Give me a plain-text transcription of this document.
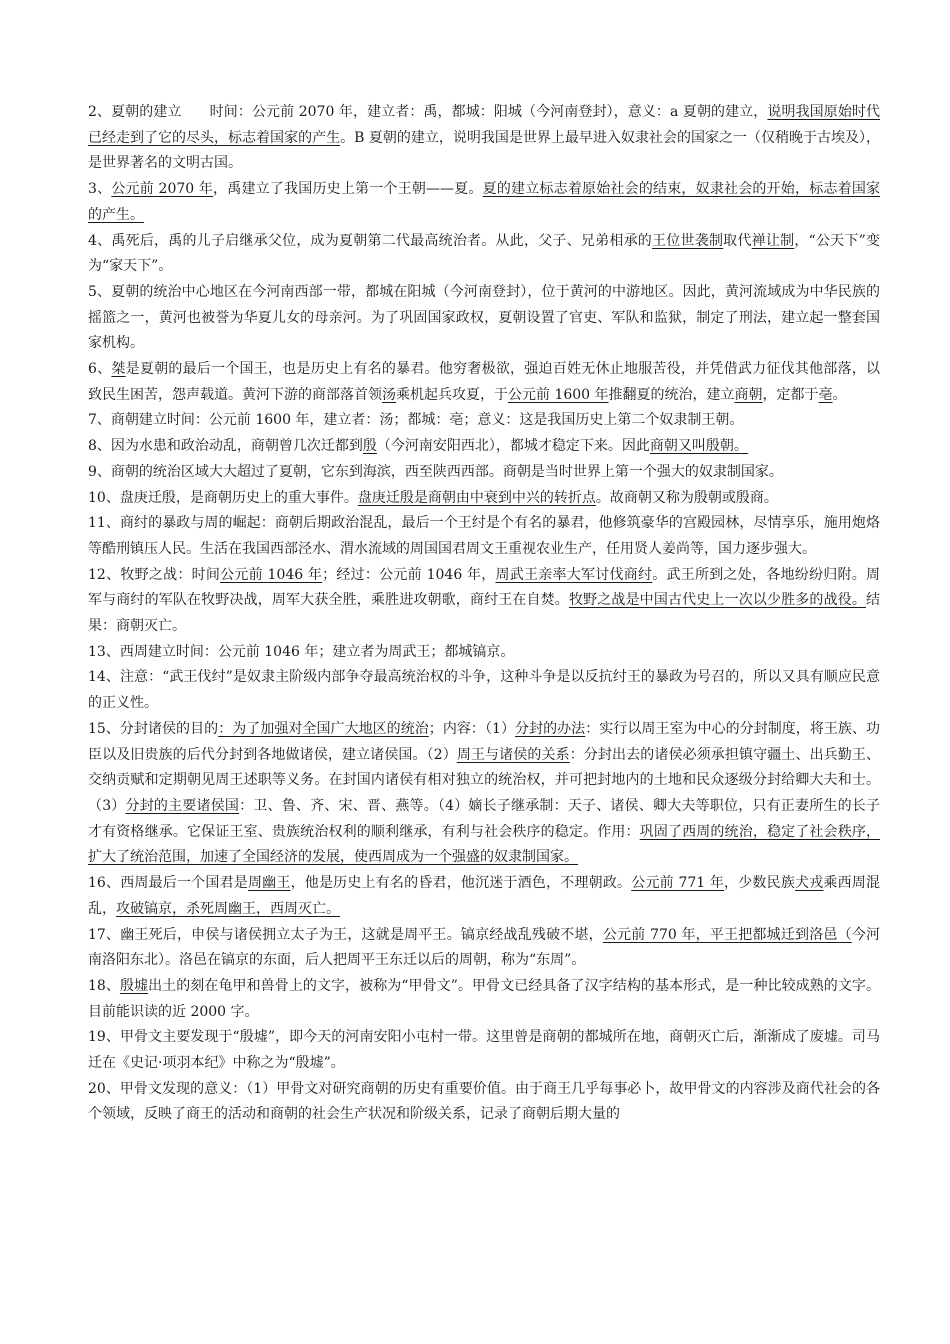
2、夏朝的建立　　时间：公元前 2070 年，建立者：禹，都城：阳城（今河南登封），意义：a 夏朝的建立，说明我国原始时代已经走到了它的尽头，标志着国家的产生。B 夏朝的建立，说明我国是世界上最早进入奴隶社会的国家之一（仅稍晚于古埃及），是世界著名的文明古国。

3、公元前 2070 年，禹建立了我国历史上第一个王朝——夏。夏的建立标志着原始社会的结束，奴隶社会的开始，标志着国家的产生。

4、禹死后，禹的儿子启继承父位，成为夏朝第二代最高统治者。从此，父子、兄弟相承的王位世袭制取代禅让制，“公天下”变为“家天下”。

5、夏朝的统治中心地区在今河南西部一带，都城在阳城（今河南登封），位于黄河的中游地区。因此，黄河流域成为中华民族的摇篮之一，黄河也被誉为华夏儿女的母亲河。为了巩固国家政权，夏朝设置了官吏、军队和监狱，制定了刑法，建立起一整套国家机构。

6、桀是夏朝的最后一个国王，也是历史上有名的暴君。他穷奢极欲，强迫百姓无休止地服苦役，并凭借武力征伐其他部落，以致民生困苦，怨声载道。黄河下游的商部落首领汤乘机起兵攻夏，于公元前 1600 年推翻夏的统治，建立商朝，定都于亳。

7、商朝建立时间：公元前 1600 年，建立者：汤；都城：亳；意义：这是我国历史上第二个奴隶制王朝。

8、因为水患和政治动乱，商朝曾几次迁都到殷（今河南安阳西北），都城才稳定下来。因此商朝又叫殷朝。

9、商朝的统治区域大大超过了夏朝，它东到海滨，西至陕西西部。商朝是当时世界上第一个强大的奴隶制国家。

10、盘庚迁殷，是商朝历史上的重大事件。盘庚迁殷是商朝由中衰到中兴的转折点。故商朝又称为殷朝或殷商。

11、商纣的暴政与周的崛起：商朝后期政治混乱，最后一个王纣是个有名的暴君，他修筑豪华的宫殿园林，尽情享乐，施用炮烙等酷刑镇压人民。生活在我国西部泾水、渭水流域的周国国君周文王重视农业生产，任用贤人姜尚等，国力逐步强大。

12、牧野之战：时间公元前 1046 年；经过：公元前 1046 年，周武王亲率大军讨伐商纣。武王所到之处，各地纷纷归附。周军与商纣的军队在牧野决战，周军大获全胜，乘胜进攻朝歌，商纣王在自焚。牧野之战是中国古代史上一次以少胜多的战役。结果：商朝灭亡。

13、西周建立时间：公元前 1046 年；建立者为周武王；都城镐京。

14、注意：“武王伐纣”是奴隶主阶级内部争夺最高统治权的斗争，这种斗争是以反抗纣王的暴政为号召的，所以又具有顺应民意的正义性。

15、分封诸侯的目的：为了加强对全国广大地区的统治；内容：（1）分封的办法：实行以周王室为中心的分封制度，将王族、功臣以及旧贵族的后代分封到各地做诸侯，建立诸侯国。（2）周王与诸侯的关系：分封出去的诸侯必须承担镇守疆土、出兵勤王、交纳贡赋和定期朝见周王述职等义务。在封国内诸侯有相对独立的统治权，并可把封地内的土地和民众逐级分封给卿大夫和士。（3）分封的主要诸侯国：卫、鲁、齐、宋、晋、燕等。（4）嫡长子继承制：天子、诸侯、卿大夫等职位，只有正妻所生的长子才有资格继承。它保证王室、贵族统治权利的顺利继承，有利与社会秩序的稳定。作用：巩固了西周的统治，稳定了社会秩序，扩大了统治范围，加速了全国经济的发展，使西周成为一个强盛的奴隶制国家。

16、西周最后一个国君是周幽王，他是历史上有名的昏君，他沉迷于酒色，不理朝政。公元前 771 年，少数民族犬戎乘西周混乱，攻破镐京，杀死周幽王，西周灭亡。

17、幽王死后，申侯与诸侯拥立太子为王，这就是周平王。镐京经战乱残破不堪，公元前 770 年，平王把都城迁到洛邑（今河南洛阳东北）。洛邑在镐京的东面，后人把周平王东迁以后的周朝，称为“东周”。

18、殷墟出土的刻在龟甲和兽骨上的文字，被称为“甲骨文”。甲骨文已经具备了汉字结构的基本形式，是一种比较成熟的文字。目前能识读的近 2000 字。

19、甲骨文主要发现于“殷墟”，即今天的河南安阳小屯村一带。这里曾是商朝的都城所在地，商朝灭亡后，渐渐成了废墟。司马迁在《史记·项羽本纪》中称之为“殷墟”。

20、甲骨文发现的意义：（1）甲骨文对研究商朝的历史有重要价值。由于商王几乎每事必卜，故甲骨文的内容涉及商代社会的各个领域，反映了商王的活动和商朝的社会生产状况和阶级关系，记录了商朝后期大量的
